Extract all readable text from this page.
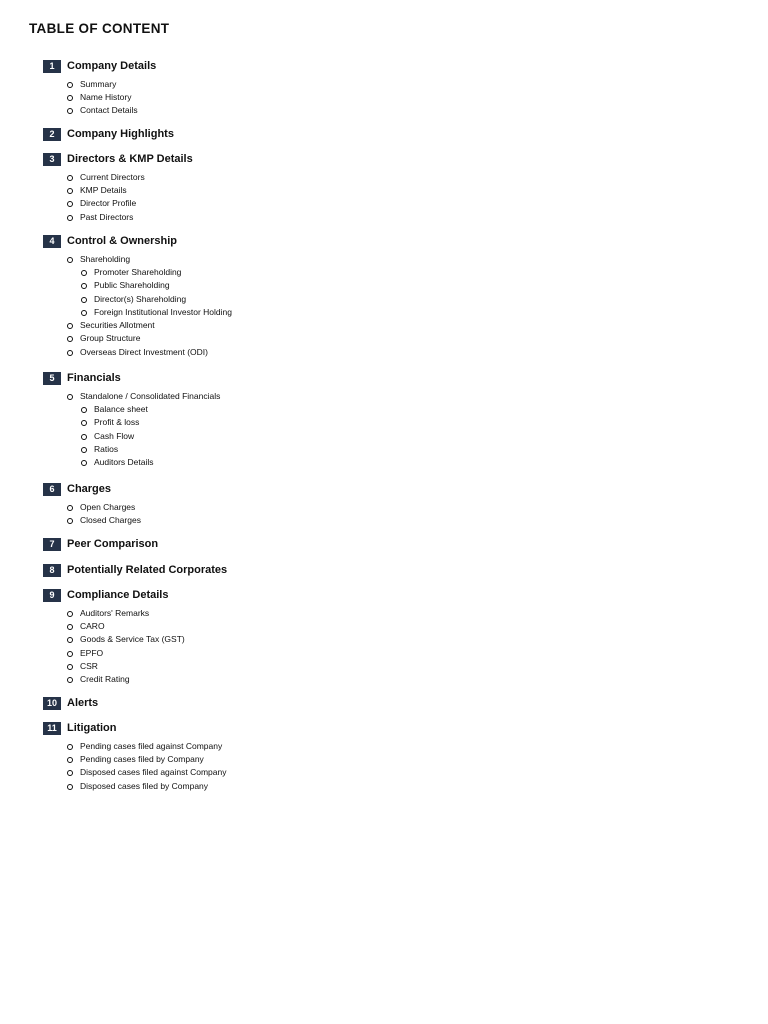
TABLE OF CONTENT
1	Company Details
Summary
Name History
Contact Details
2	Company Highlights
3	Directors & KMP Details
Current Directors
KMP Details
Director Profile
Past Directors
4	Control & Ownership
Shareholding
Promoter Shareholding
Public Shareholding
Director(s) Shareholding
Foreign Institutional Investor Holding
Securities Allotment
Group Structure
Overseas Direct Investment (ODI)
5	Financials
Standalone / Consolidated Financials
Balance sheet
Profit & loss
Cash Flow
Ratios
Auditors Details
6	Charges
Open Charges
Closed Charges
7	Peer Comparison
8	Potentially Related Corporates
9	Compliance Details
Auditors' Remarks
CARO
Goods & Service Tax (GST)
EPFO
CSR
Credit Rating
10 Alerts
11 Litigation
Pending cases filed against Company
Pending cases filed by Company
Disposed cases filed against Company
Disposed cases filed by Company
